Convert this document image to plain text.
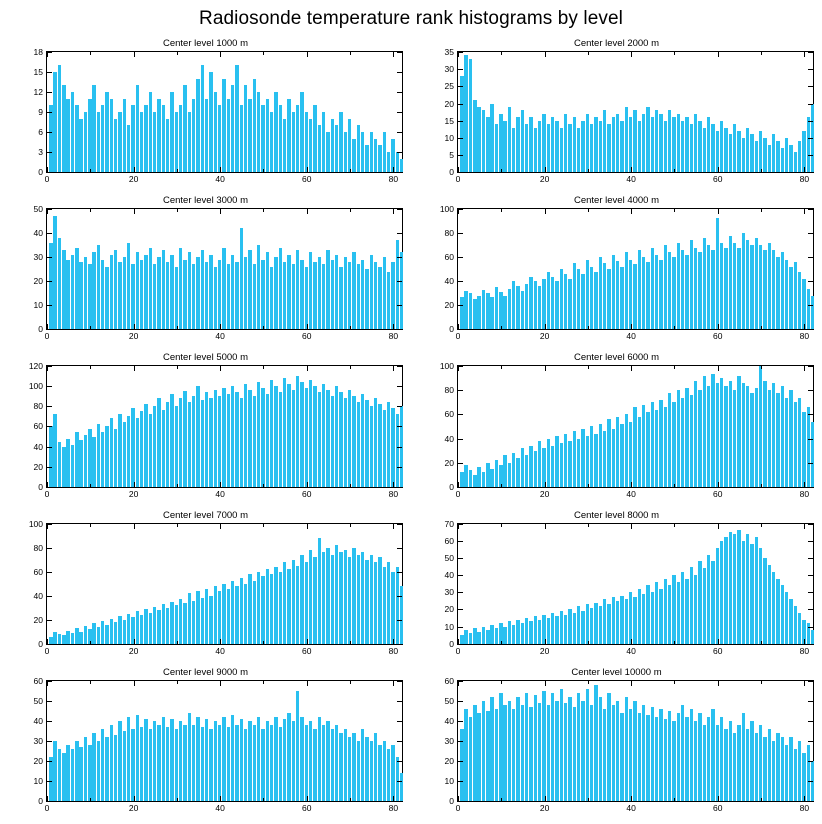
Radiosonde temperature rank histograms by level
Center level 1000 m
0
3
6
9
12
15
18
0	20	40	60	80
Center level 2000 m
0
5
10
15
20
25
30
35
0	20	40	60	80
Center level 3000 m
0
10
20
30
40
50
0	20	40	60	80
Center level 4000 m
0
20
40
60
80
100
0	20	40	60	80
Center level 5000 m
0
20
40
60
80
100
120
0	20	40	60	80
Center level 6000 m
0
20
40
60
80
100
0	20	40	60	80
Center level 7000 m
0
20
40
60
80
100
0	20	40	60	80
Center level 8000 m
0
10
20
30
40
50
60
70
0	20	40	60	80
Center level 9000 m
0
10
20
30
40
50
60
0	20	40	60	80
Center level 10000 m
0
10
20
30
40
50
60
0	20	40	60	80
